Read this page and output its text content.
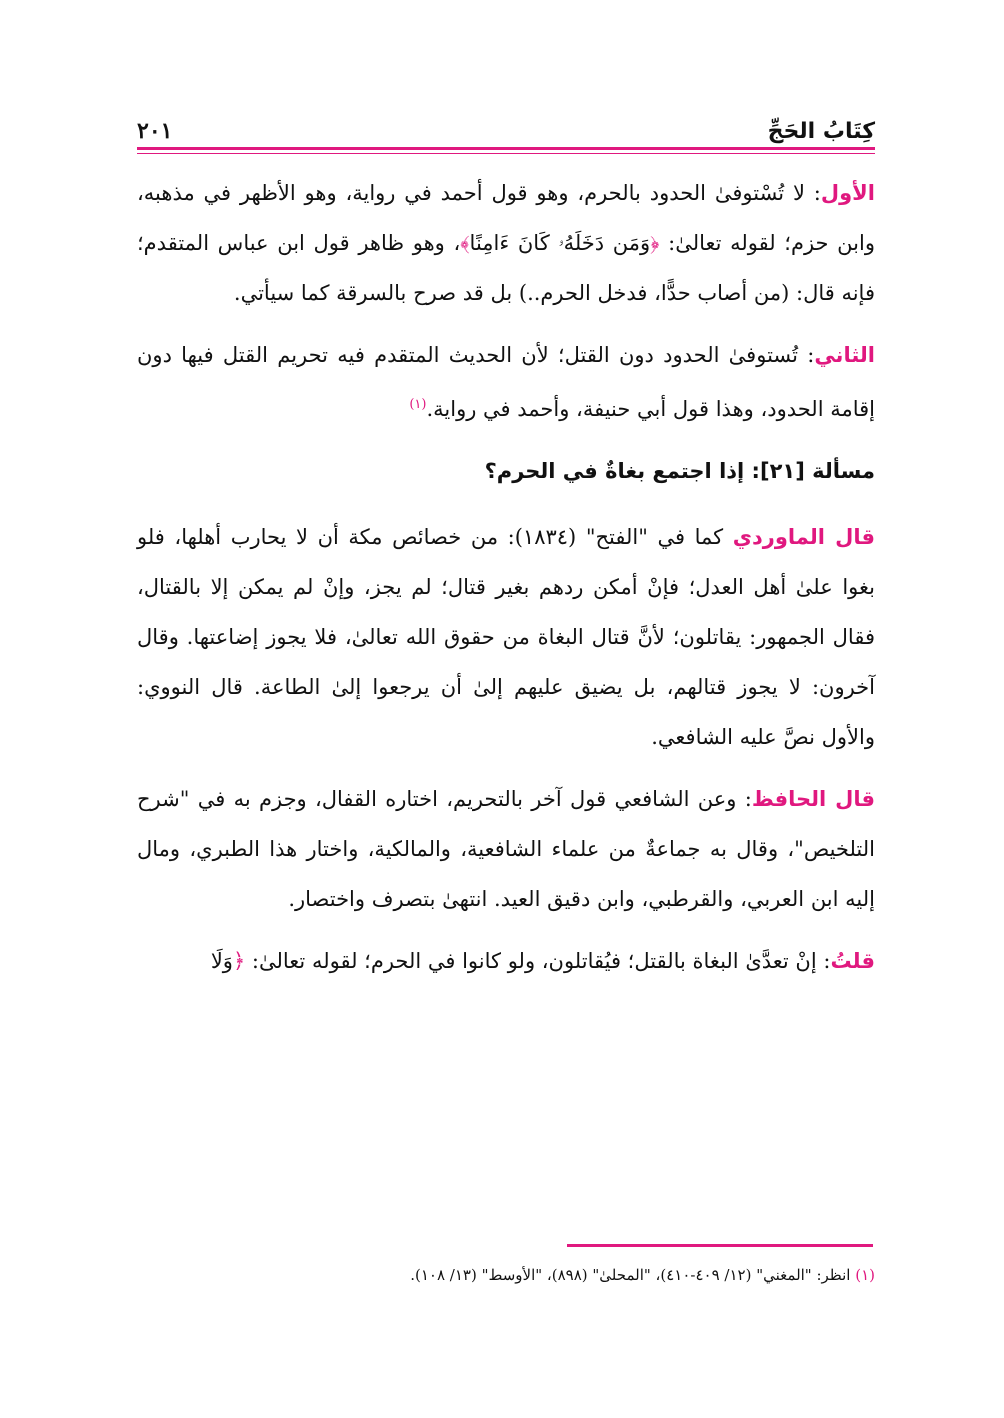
كِتَابُ الحَجِّ
٢٠١

الأول: لا تُسْتوفىٰ الحدود بالحرم، وهو قول أحمد في رواية، وهو الأظهر في مذهبه، وابن حزم؛ لقوله تعالىٰ: ﴿وَمَن دَخَلَهُۥ كَانَ ءَامِنًا﴾، وهو ظاهر قول ابن عباس المتقدم؛ فإنه قال: (من أصاب حدًّا، فدخل الحرم..) بل قد صرح بالسرقة كما سيأتي.

الثاني: تُستوفىٰ الحدود دون القتل؛ لأن الحديث المتقدم فيه تحريم القتل فيها دون إقامة الحدود، وهذا قول أبي حنيفة، وأحمد في رواية.$^{(١)}$

مسألة [٢١]: إذا اجتمع بغاةٌ في الحرم؟

قال الماوردي كما في "الفتح" (١٨٣٤): من خصائص مكة أن لا يحارب أهلها، فلو بغوا علىٰ أهل العدل؛ فإنْ أمكن ردهم بغير قتال؛ لم يجز، وإنْ لم يمكن إلا بالقتال، فقال الجمهور: يقاتلون؛ لأنَّ قتال البغاة من حقوق الله تعالىٰ، فلا يجوز إضاعتها. وقال آخرون: لا يجوز قتالهم، بل يضيق عليهم إلىٰ أن يرجعوا إلىٰ الطاعة. قال النووي: والأول نصَّ عليه الشافعي.

قال الحافظ: وعن الشافعي قول آخر بالتحريم، اختاره القفال، وجزم به في "شرح التلخيص"، وقال به جماعةٌ من علماء الشافعية، والمالكية، واختار هذا الطبري، ومال إليه ابن العربي، والقرطبي، وابن دقيق العيد. انتهىٰ بتصرف واختصار.

قلتُ: إنْ تعدَّىٰ البغاة بالقتل؛ فيُقاتلون، ولو كانوا في الحرم؛ لقوله تعالىٰ: ﴿وَلَا

(١) انظر: "المغني" (١٢/ ٤٠٩-٤١٠)، "المحلىٰ" (٨٩٨)، "الأوسط" (١٣/ ١٠٨).
